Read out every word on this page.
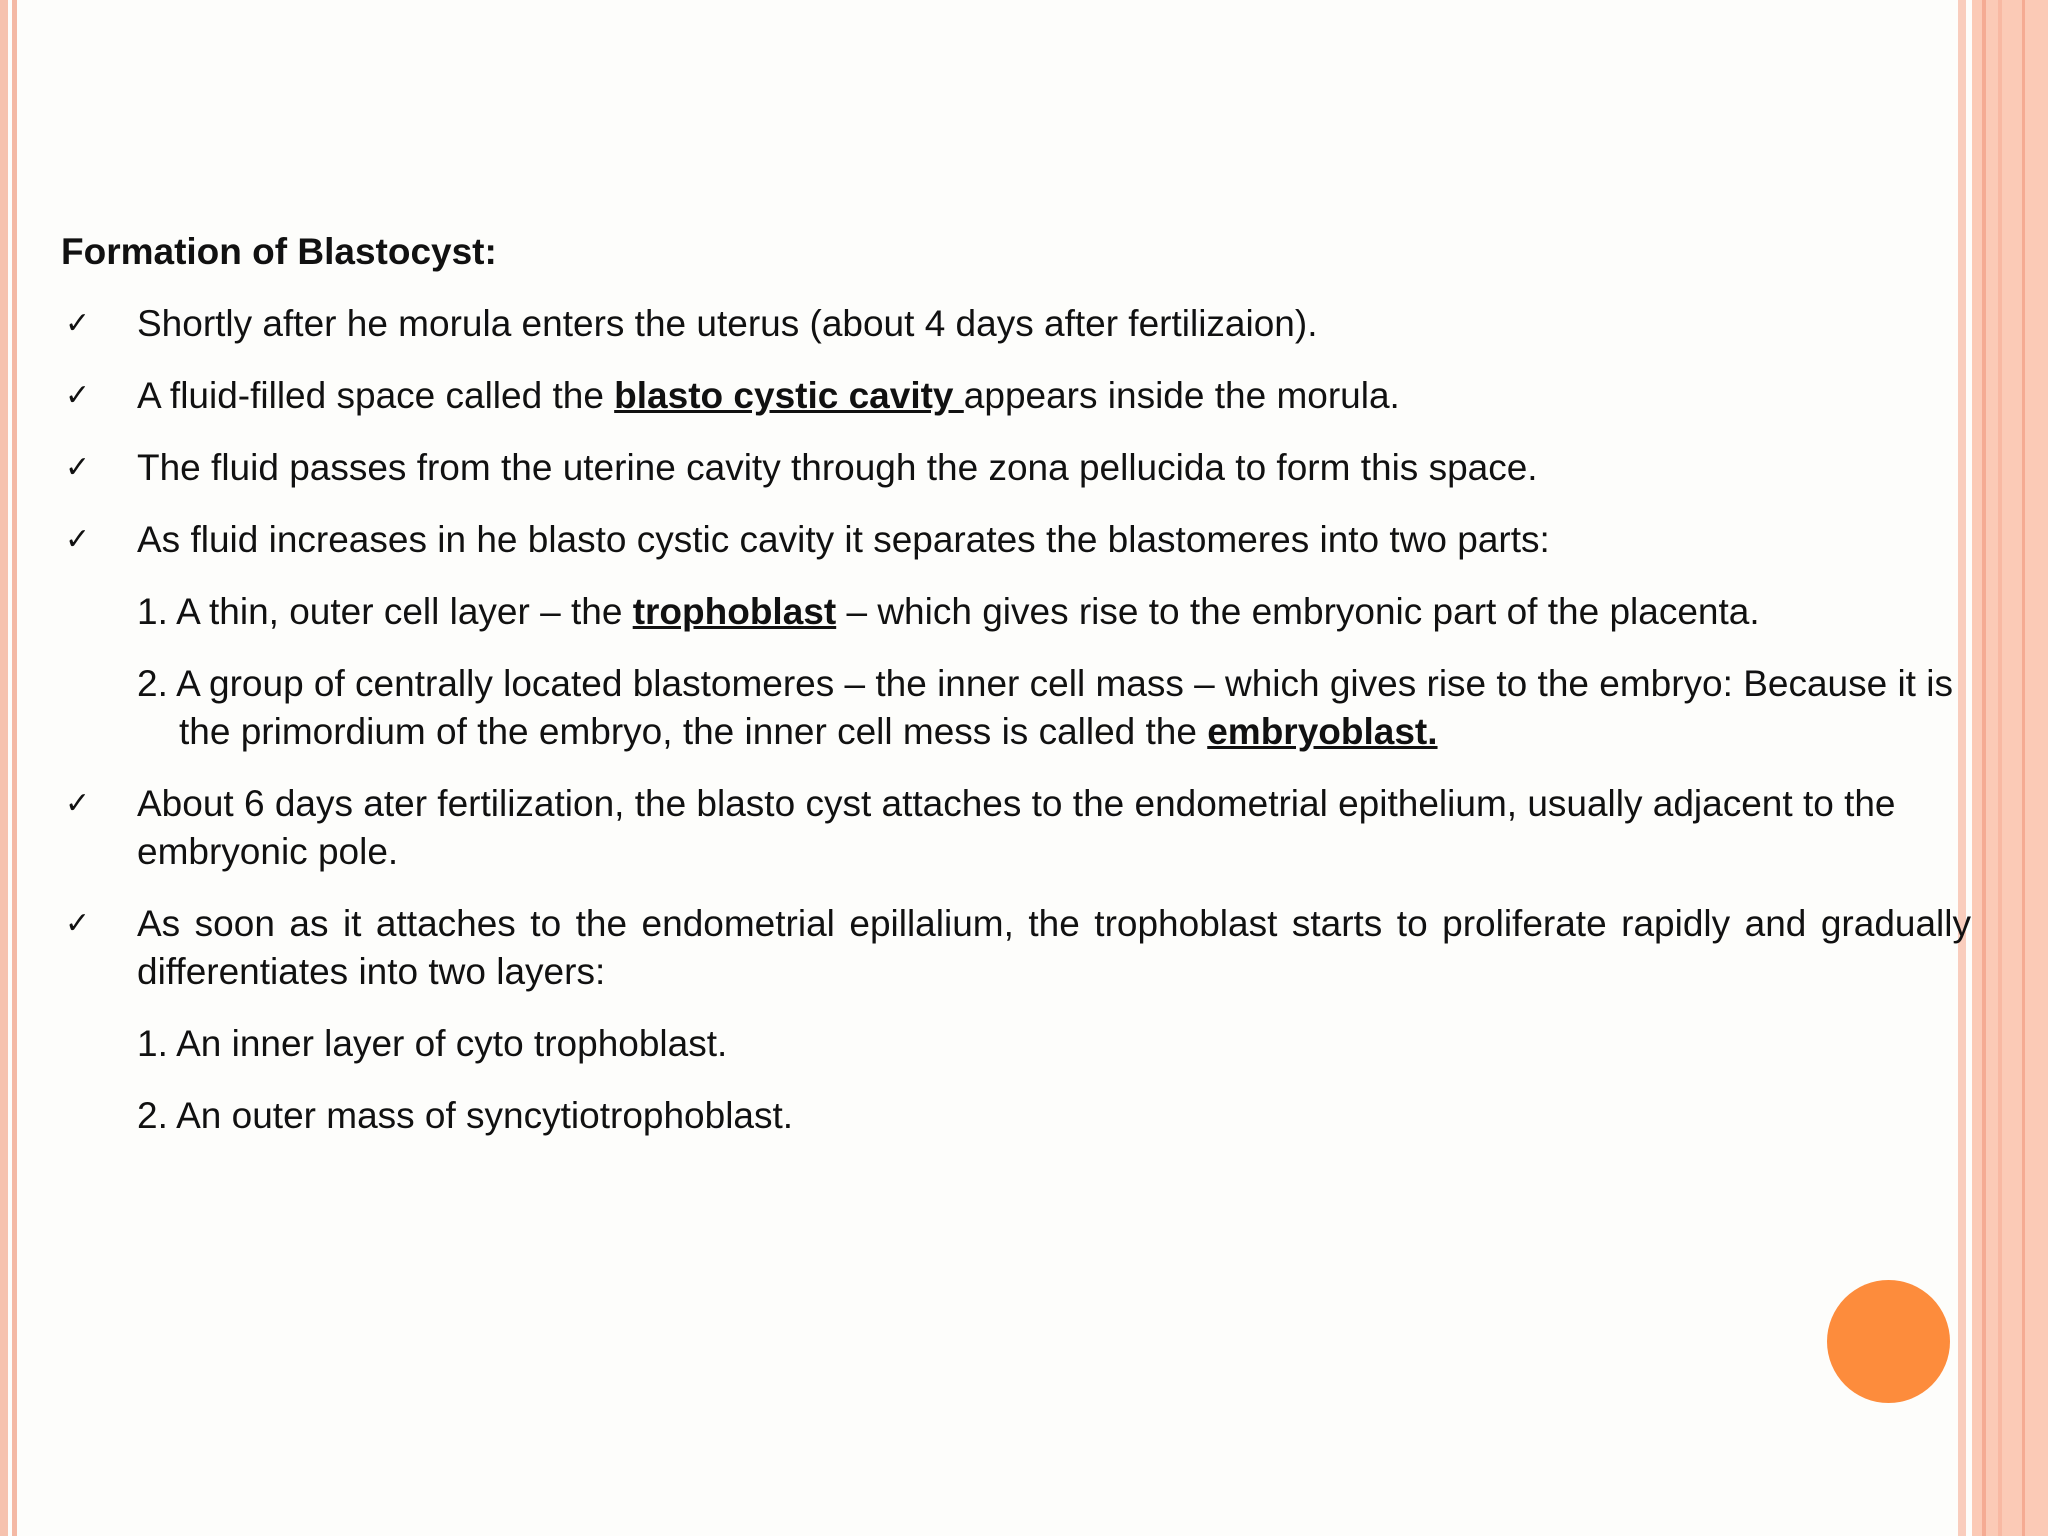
Formation of Blastocyst:
✓ Shortly after he morula enters the uterus (about 4 days after fertilizaion).
✓ A fluid-filled space called the blasto cystic cavity appears inside the morula.
✓ The fluid passes from the uterine cavity through the zona pellucida to form this space.
✓ As fluid increases in he blasto cystic cavity it separates the blastomeres into two parts:
1. A thin, outer cell layer – the trophoblast – which gives rise to the embryonic part of the placenta.
2. A group of centrally located blastomeres – the inner cell mass – which gives rise to the embryo: Because it is the primordium of the embryo, the inner cell mess is called the embryoblast.
✓ About 6 days ater fertilization, the blasto cyst attaches to the endometrial epithelium, usually adjacent to the embryonic pole.
✓ As soon as it attaches to the endometrial epillalium, the trophoblast starts to proliferate rapidly and gradually differentiates into two layers:
1. An inner layer of cyto trophoblast.
2. An outer mass of syncytiotrophoblast.
